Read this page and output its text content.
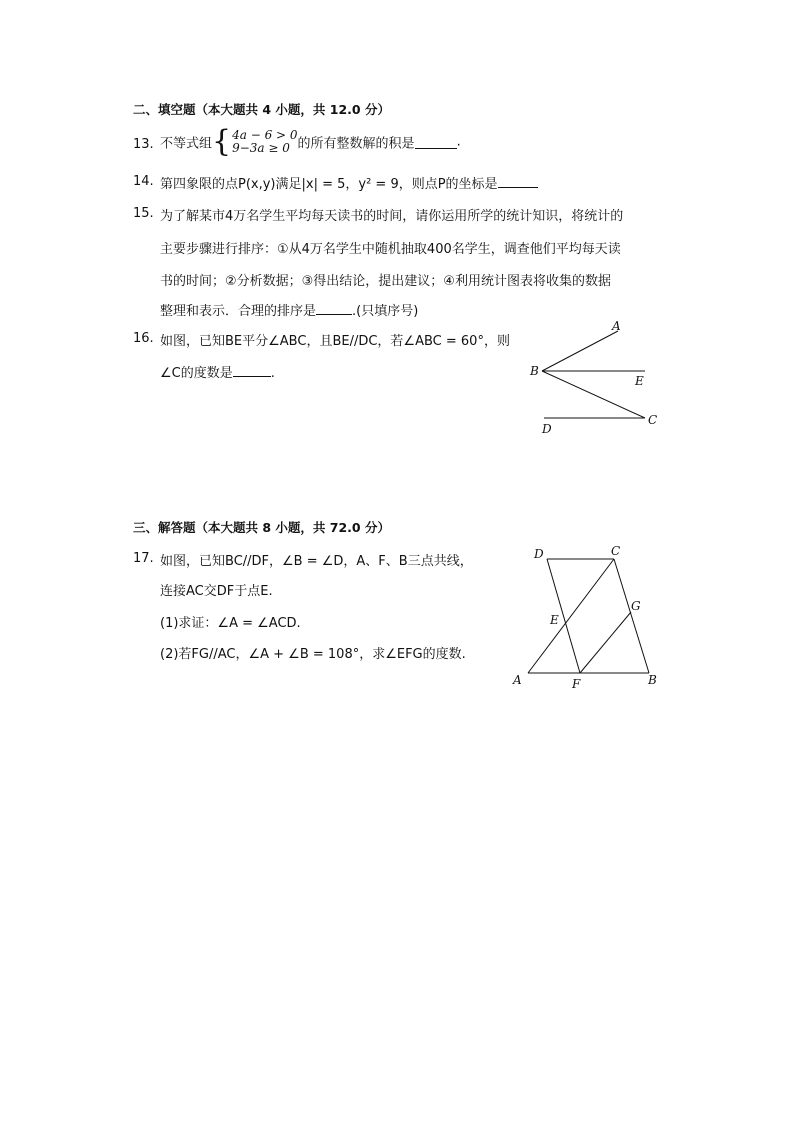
二、填空题（本大题共 4 小题，共 12.0 分）
13. 不等式组{4a − 6 > 0
9−3a ≥ 0 的所有整数解的积是	.
14. 第四象限的点P(x,y)满足|x| = 5，y² = 9，则点P的坐标是
15. 为了解某市4万名学生平均每天读书的时间，请你运用所学的统计知识，将统计的
主要步骤进行排序：①从4万名学生中随机抽取400名学生，调查他们平均每天读
书的时间；②分析数据；③得出结论，提出建议；④利用统计图表将收集的数据
整理和表示．合理的排序是	.(只填序号)
16. 如图，已知BE平分∠ABC，且BE//DC，若∠ABC = 60°，则
∠C的度数是	.
A
B
E
C
D
三、解答题（本大题共 8 小题，共 72.0 分）
17. 如图，已知BC//DF，∠B = ∠D，A、F、B三点共线，
连接AC交DF于点E.
(1)求证：∠A = ∠ACD.
(2)若FG//AC，∠A + ∠B = 108°，求∠EFG的度数.
D	C
G
E
A	F	B
